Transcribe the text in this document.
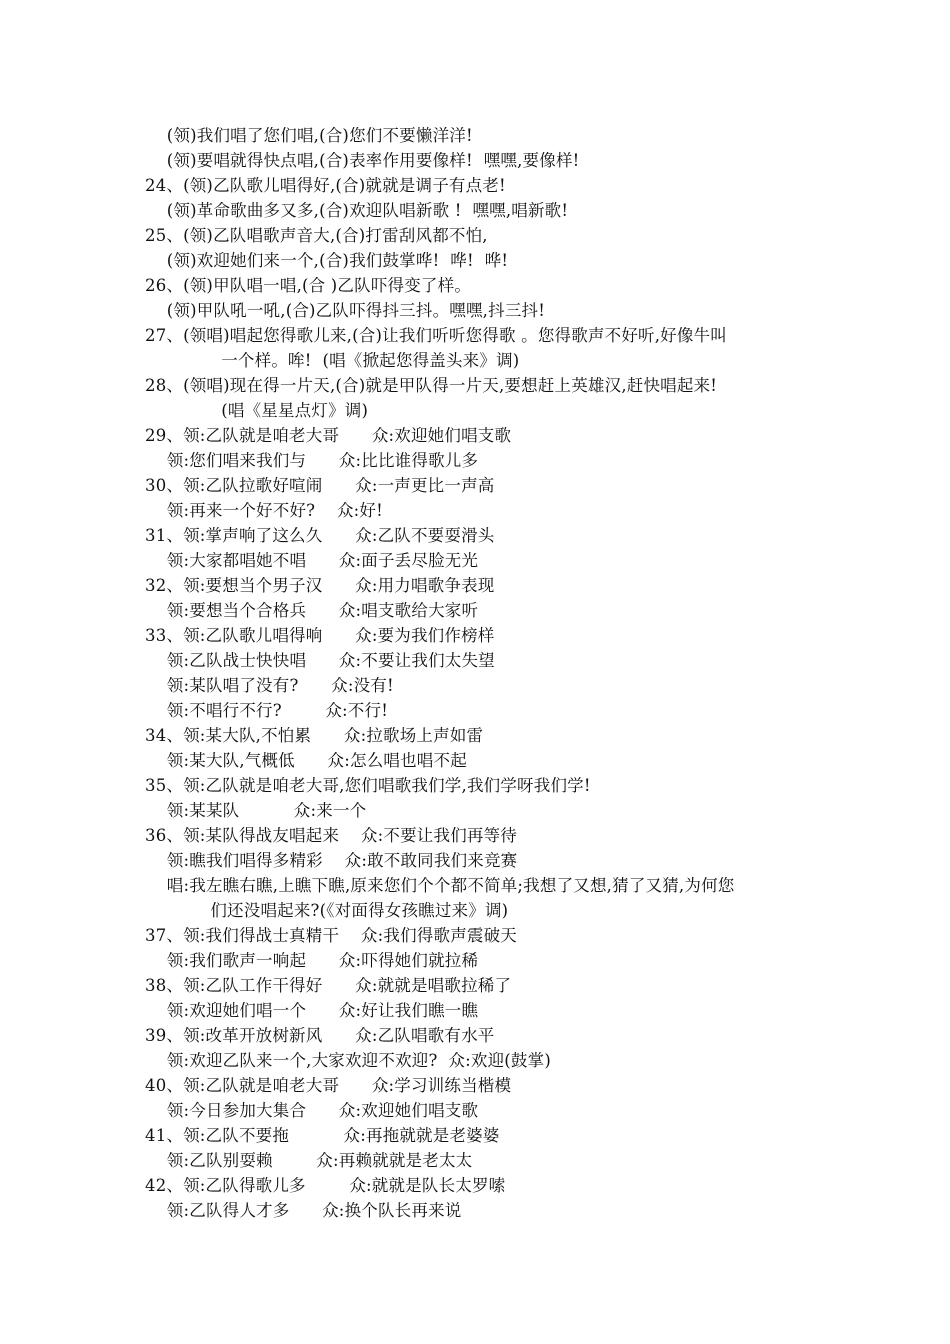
(领)我们唱了您们唱,(合)您们不要懒洋洋!
(领)要唱就得快点唱,(合)表率作用要像样!  嘿嘿,要像样!
24、(领)乙队歌儿唱得好,(合)就就是调子有点老!
(领)革命歌曲多又多,(合)欢迎队唱新歌 !  嘿嘿,唱新歌!
25、(领)乙队唱歌声音大,(合)打雷刮风都不怕,
(领)欢迎她们来一个,(合)我们鼓掌哗!  哗!  哗!
26、(领)甲队唱一唱,(合 )乙队吓得变了样。
(领)甲队吼一吼,(合)乙队吓得抖三抖。嘿嘿,抖三抖!
27、(领唱)唱起您得歌儿来,(合)让我们听听您得歌 。您得歌声不好听,好像牛叫
一个样。哞!  (唱《掀起您得盖头来》调)
28、(领唱)现在得一片天,(合)就是甲队得一片天,要想赶上英雄汉,赶快唱起来!
(唱《星星点灯》调)
29、领:乙队就是咱老大哥      众:欢迎她们唱支歌
领:您们唱来我们与      众:比比谁得歌儿多
30、领:乙队拉歌好喧闹      众:一声更比一声高
领:再来一个好不好?    众:好!
31、领:掌声响了这么久      众:乙队不要耍滑头
领:大家都唱她不唱      众:面子丢尽脸无光
32、领:要想当个男子汉      众:用力唱歌争表现
领:要想当个合格兵      众:唱支歌给大家听
33、领:乙队歌儿唱得响      众:要为我们作榜样
领:乙队战士快快唱      众:不要让我们太失望
领:某队唱了没有?      众:没有!
领:不唱行不行?        众:不行!
34、领:某大队,不怕累      众:拉歌场上声如雷
领:某大队,气概低      众:怎么唱也唱不起
35、领:乙队就是咱老大哥,您们唱歌我们学,我们学呀我们学!
领:某某队          众:来一个
36、领:某队得战友唱起来    众:不要让我们再等待
领:瞧我们唱得多精彩    众:敢不敢同我们来竞赛
唱:我左瞧右瞧,上瞧下瞧,原来您们个个都不简单;我想了又想,猜了又猜,为何您
们还没唱起来?(《对面得女孩瞧过来》调)
37、领:我们得战士真精干    众:我们得歌声震破天
领:我们歌声一响起      众:吓得她们就拉稀
38、领:乙队工作干得好      众:就就是唱歌拉稀了
领:欢迎她们唱一个      众:好让我们瞧一瞧
39、领:改革开放树新风      众:乙队唱歌有水平
领:欢迎乙队来一个,大家欢迎不欢迎?  众:欢迎(鼓掌)
40、领:乙队就是咱老大哥      众:学习训练当楷模
领:今日参加大集合      众:欢迎她们唱支歌
41、领:乙队不要拖          众:再拖就就是老婆婆
领:乙队别耍赖        众:再赖就就是老太太
42、领:乙队得歌儿多        众:就就是队长太罗嗦
领:乙队得人才多      众:换个队长再来说
